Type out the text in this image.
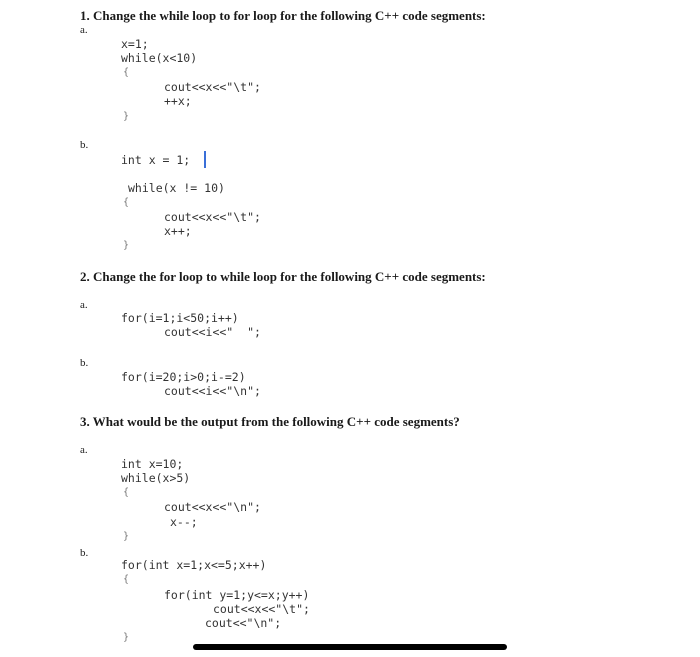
1. Change the while loop to for loop for the following C++ code segments:
a.
x=1;
while(x<10)
{
cout<<x<<"\t";
++x;
}
b.
int x = 1;
while(x != 10)
{
cout<<x<<"\t";
x++;
}
2. Change the for loop to while loop for the following C++ code segments:
a.
for(i=1;i<50;i++)
cout<<i<<"  ";
b.
for(i=20;i>0;i-=2)
cout<<i<<"\n";
3. What would be the output from the following C++ code segments?
a.
int x=10;
while(x>5)
{
cout<<x<<"\n";
x--;
}
b.
for(int x=1;x<=5;x++)
{
for(int y=1;y<=x;y++)
cout<<x<<"\t";
cout<<"\n";
}
